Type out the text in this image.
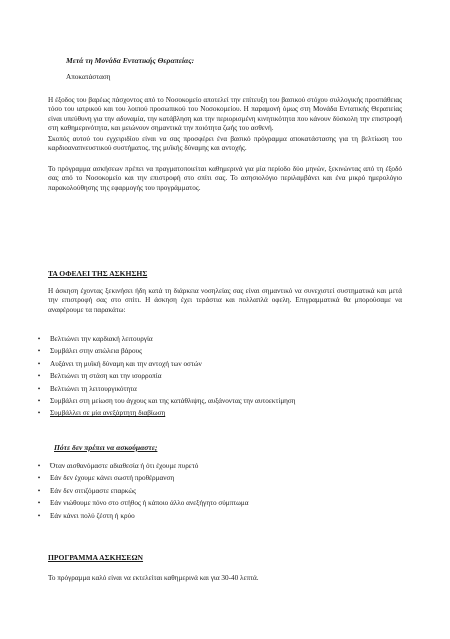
Μετά τη Μονάδα Εντατικής Θεραπείας:

Αποκατάσταση

Η έξοδος του βαρέως πάσχοντος από το Νοσοκομείο αποτελεί την επίτευξη του βασικού στόχου συλλογικής προσπάθειας τόσο του ιατρικού και του λοιπού προσωπικού του Νοσοκομείου. Η παραμονή όμως στη Μονάδα Εντατικής Θεραπείας είναι υπεύθυνη για την αδυναμία, την κατάβληση και την περιορισμένη κινητικότητα που κάνουν δύσκολη την επιστροφή στη καθημερινότητα, και μειώνουν σημαντικά την ποιότητα ζωής του ασθενή.

Σκοπός αυτού του εγχειριδίου είναι να σας προσφέρει ένα βασικό πρόγραμμα αποκατάστασης για τη βελτίωση του καρδιοαναπνευστικού συστήματος, της μυϊκής δύναμης και αντοχής.

Το πρόγραμμα ασκήσεων πρέπει να πραγματοποιείται καθημερινά για μία περίοδο δύο μηνών, ξεκινώντας από τη έξοδό σας από το Νοσοκομείο και την επιστροφή στο σπίτι σας. Το ασησιολόγιο περιλαμβάνει και ένα μικρό ημερολόγιο παρακολούθησης της εφαρμογής του προγράμματος.

ΤΑ ΟΦΕΛΕΙ ΤΗΣ ΑΣΚΗΣΗΣ

Η άσκηση έχοντας ξεκινήσει ήδη κατά τη διάρκεια νοσηλείας σας είναι σημαντικό να συνεχιστεί συστηματικά και μετά την επιστροφή σας στο σπίτι. Η άσκηση έχει τεράστια και πολλαπλά οφελη. Επιγραμματικά θα μπορούσαμε να αναφέρουμε τα παρακάτω:

• Βελτιώνει την καρδιακή λειτουργία
• Συμβάλει στην απώλεια βάρους
• Αυξάνει τη μυϊκή δύναμη και την αντοχή των οστών
• Βελτιώνει τη στάση και την ισορροπία
• Βελτιώνει τη λειτουργικότητα
• Συμβάλει στη μείωση του άγχους και της κατάθλιψης, αυξάνοντας την αυτοεκτίμηση
• Συμβάλλει σε μία ανεξάρτητη διαβίωση

Πότε δεν πρέπει να ασκούμαστε;

• Όταν αισθανόμαστε αδιαθεσία ή ότι έχουμε πυρετό
• Εάν δεν έχουμε κάνει σωστή προθέρμανση
• Εάν δεν σιτιζόμαστε επαρκώς
• Εάν νιώθουμε πόνο στο στήθος ή κάποιο άλλο ανεξήγητο σύμπτωμα
• Εάν κάνει πολύ ζέστη ή κρύο

ΠΡΟΓΡΑΜΜΑ ΑΣΚΗΣΕΩΝ

Το πρόγραμμα καλό είναι να εκτελείται καθημερινά και για 30-40 λεπτά.
